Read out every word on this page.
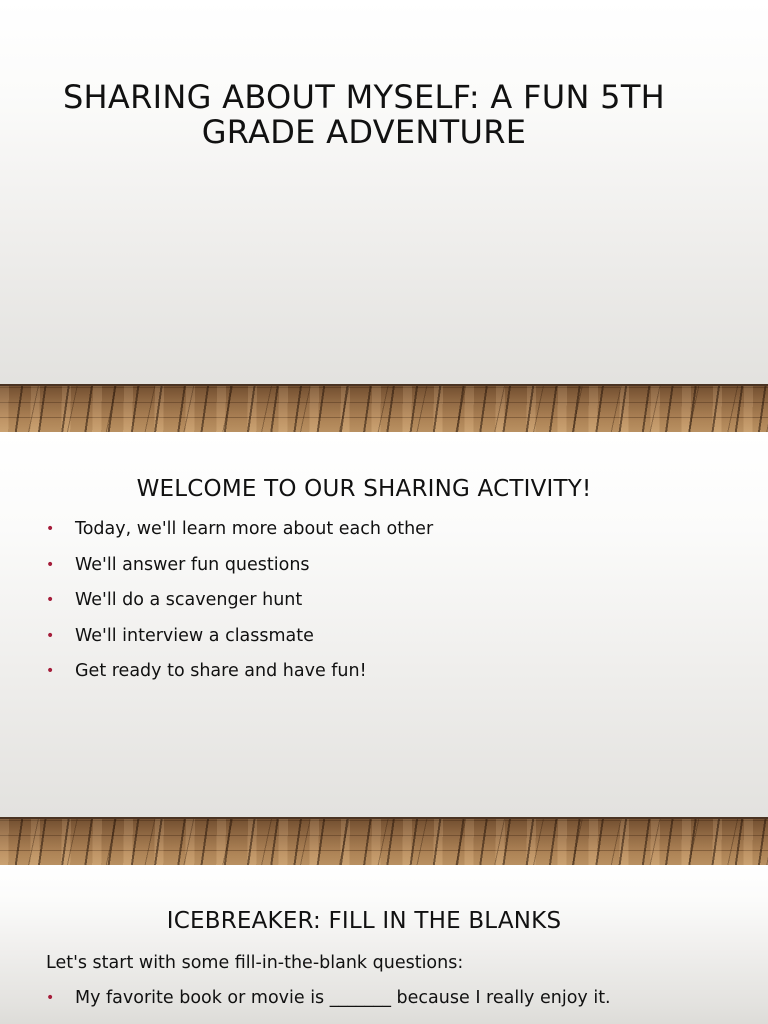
SHARING ABOUT MYSELF: A FUN 5TH
GRADE ADVENTURE
WELCOME TO OUR SHARING ACTIVITY!
• Today, we'll learn more about each other
• We'll answer fun questions
• We'll do a scavenger hunt
• We'll interview a classmate
• Get ready to share and have fun!
ICEBREAKER: FILL IN THE BLANKS

Let's start with some fill-in-the-blank questions:

• My favorite book or movie is _______ because I really enjoy it.
